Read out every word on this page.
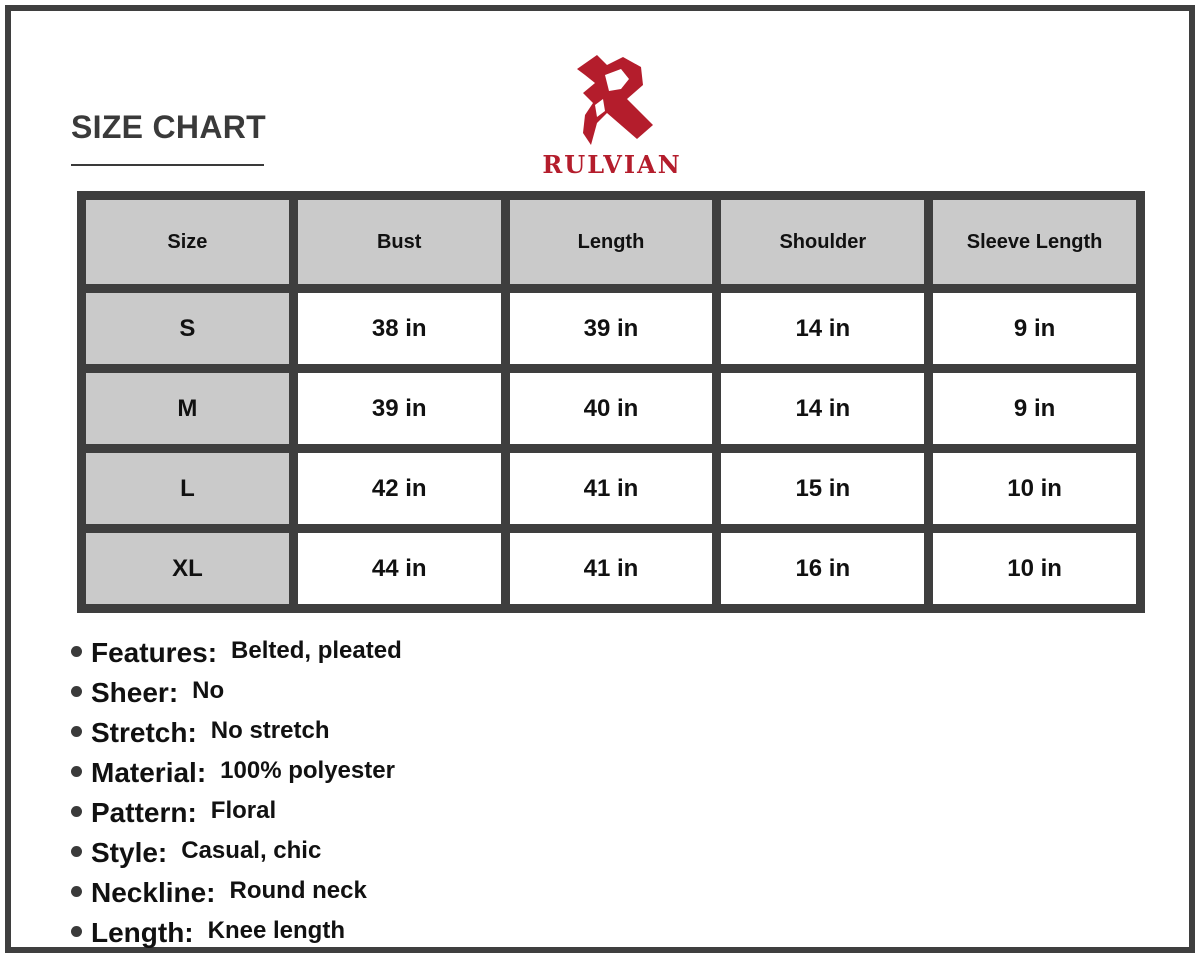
SIZE CHART
RULVIAN
Size	Bust	Length	Shoulder	Sleeve Length
S	38 in	39 in	14 in	9 in
M	39 in	40 in	14 in	9 in
L	42 in	41 in	15 in	10 in
XL	44 in	41 in	16 in	10 in
Features: Belted, pleated
Sheer: No
Stretch: No stretch
Material: 100% polyester
Pattern: Floral
Style: Casual, chic
Neckline: Round neck
Length: Knee length
